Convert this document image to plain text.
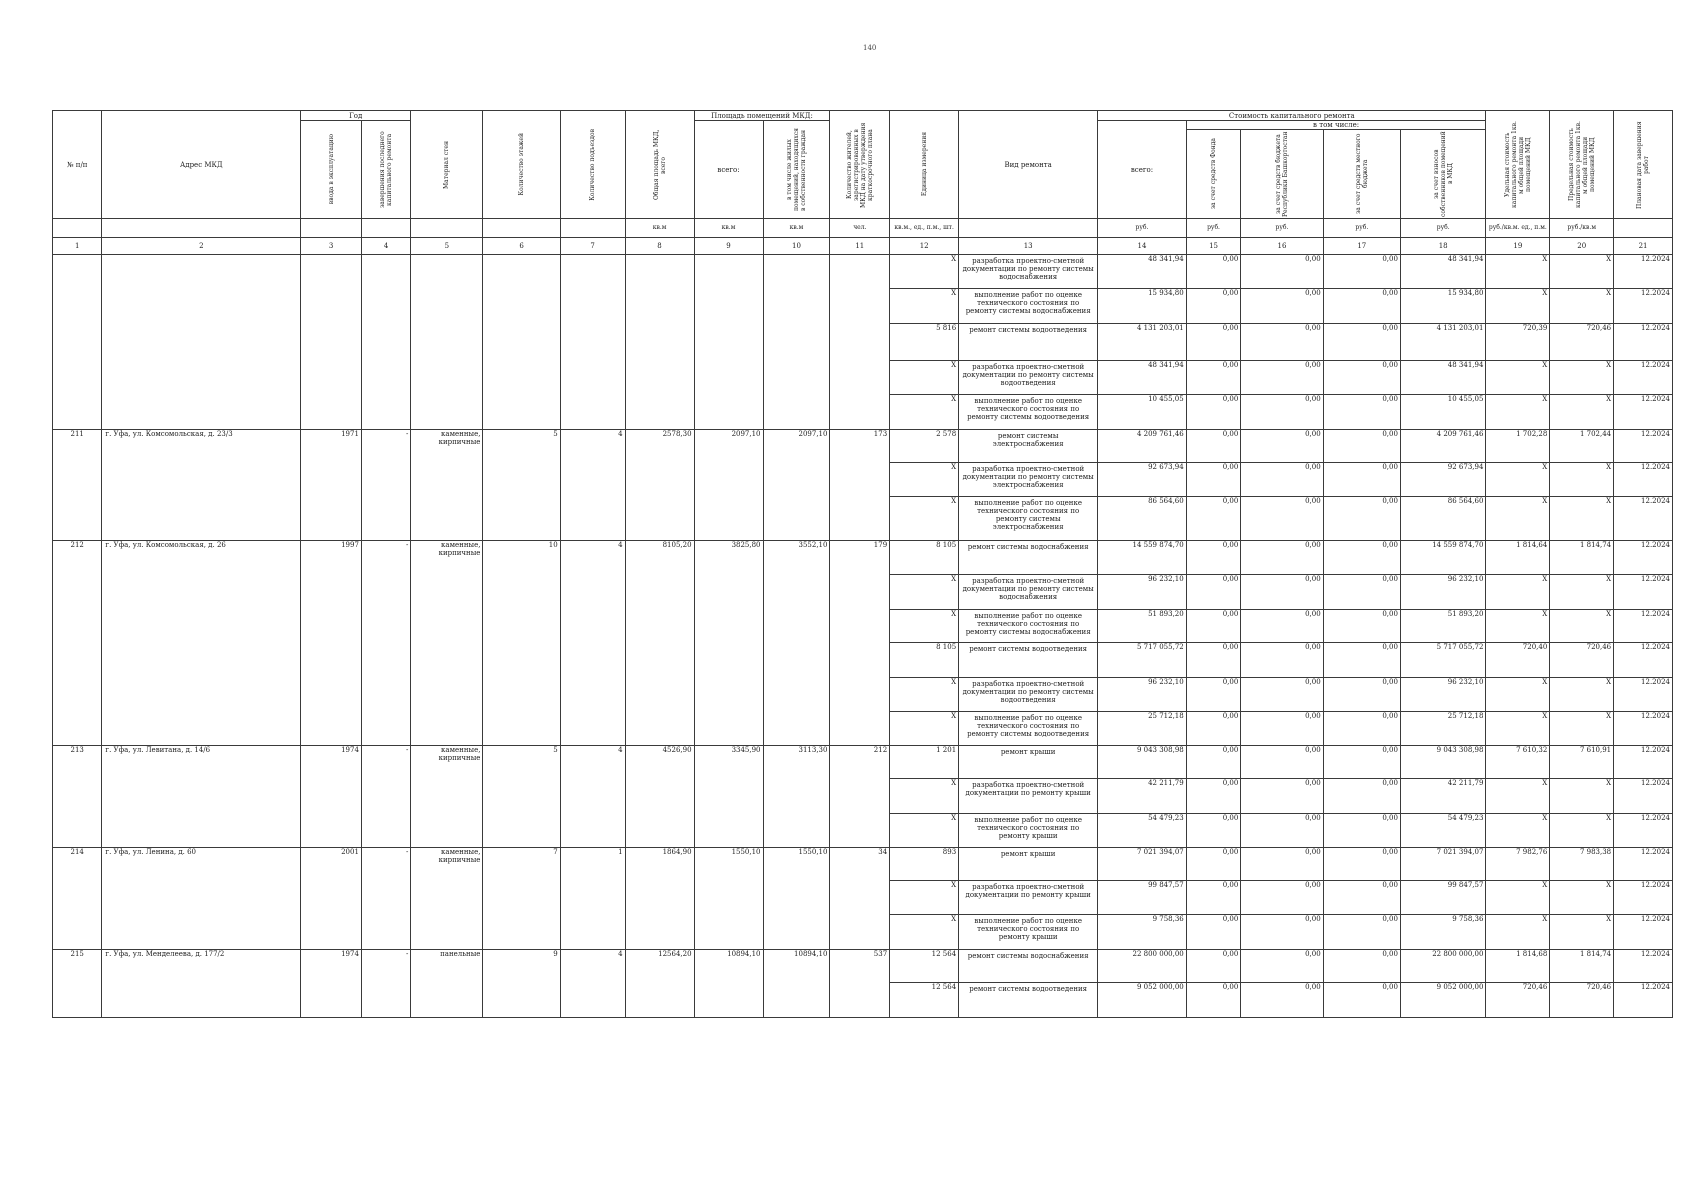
140
№ п/п	Адрес МКД	Год		Материал стен	Количество этажей	Количество подъездов	Общая площадь МКД, всего	Площадь помещений МКД:		Количество жителей, зарегистрированных в МКД на дату утверждения краткосрочного плана	Единица измерения	Вид ремонта	Стоимость капитального ремонта					Удельная стоимость капитального ремонта 1кв. м общей площади помещений МКД	Предельная стоимость капитального ремонта 1кв. м общей площади помещений МКД	Плановая дата завершения работ

		ввода в эксплуатацию	завершения последнего капитального ремонта					всего:	в том числе жилых помещений, находящихся в собственности граждан				всего:	в том числе:						

														за счет средств Фонда	за счет средств бюджета Республики Башкортостан	за счет средств местного бюджета	за счет взносов собственников помещений в МКД			

							кв.м	кв.м	кв.м	чел.	кв.м., ед., п.м., шт.		руб.	руб.	руб.	руб.	руб.	руб./кв.м. ед., п.м.	руб./кв.м	
1	2	3	4	5	6	7	8	9	10	11	12	13	14	15	16	17	18	19	20	21
											X	разработка проектно-сметной документации по ремонту системы водоснабжения	48 341,94	0,00	0,00	0,00	48 341,94	X	X	12.2024
											X	выполнение работ по оценке технического состояния по ремонту системы водоснабжения	15 934,80	0,00	0,00	0,00	15 934,80	X	X	12.2024
											5 816	ремонт системы водоотведения	4 131 203,01	0,00	0,00	0,00	4 131 203,01	720,39	720,46	12.2024
											X	разработка проектно-сметной документации по ремонту системы водоотведения	48 341,94	0,00	0,00	0,00	48 341,94	X	X	12.2024
											X	выполнение работ по оценке технического состояния по ремонту системы водоотведения	10 455,05	0,00	0,00	0,00	10 455,05	X	X	12.2024
211	г. Уфа, ул. Комсомольская, д. 23/3	1971	-	каменные, кирпичные	5	4	2578,30	2097,10	2097,10	173	2 578	ремонт системы электроснабжения	4 209 761,46	0,00	0,00	0,00	4 209 761,46	1 702,28	1 702,44	12.2024
											X	разработка проектно-сметной документации по ремонту системы электроснабжения	92 673,94	0,00	0,00	0,00	92 673,94	X	X	12.2024
											X	выполнение работ по оценке технического состояния по ремонту системы электроснабжения	86 564,60	0,00	0,00	0,00	86 564,60	X	X	12.2024
212	г. Уфа, ул. Комсомольская, д. 26	1997	-	каменные, кирпичные	10	4	8105,20	3825,80	3552,10	179	8 105	ремонт системы водоснабжения	14 559 874,70	0,00	0,00	0,00	14 559 874,70	1 814,64	1 814,74	12.2024
											X	разработка проектно-сметной документации по ремонту системы водоснабжения	96 232,10	0,00	0,00	0,00	96 232,10	X	X	12.2024
											X	выполнение работ по оценке технического состояния по ремонту системы водоснабжения	51 893,20	0,00	0,00	0,00	51 893,20	X	X	12.2024
											8 105	ремонт системы водоотведения	5 717 055,72	0,00	0,00	0,00	5 717 055,72	720,40	720,46	12.2024
											X	разработка проектно-сметной документации по ремонту системы водоотведения	96 232,10	0,00	0,00	0,00	96 232,10	X	X	12.2024
											X	выполнение работ по оценке технического состояния по ремонту системы водоотведения	25 712,18	0,00	0,00	0,00	25 712,18	X	X	12.2024
213	г. Уфа, ул. Левитана, д. 14/6	1974	-	каменные, кирпичные	5	4	4526,90	3345,90	3113,30	212	1 201	ремонт крыши	9 043 308,98	0,00	0,00	0,00	9 043 308,98	7 610,32	7 610,91	12.2024
											X	разработка проектно-сметной документации по ремонту крыши	42 211,79	0,00	0,00	0,00	42 211,79	X	X	12.2024
											X	выполнение работ по оценке технического состояния по ремонту крыши	54 479,23	0,00	0,00	0,00	54 479,23	X	X	12.2024
214	г. Уфа, ул. Ленина, д. 60	2001	-	каменные, кирпичные	7	1	1864,90	1550,10	1550,10	34	893	ремонт крыши	7 021 394,07	0,00	0,00	0,00	7 021 394,07	7 982,76	7 983,38	12.2024
											X	разработка проектно-сметной документации по ремонту крыши	99 847,57	0,00	0,00	0,00	99 847,57	X	X	12.2024
											X	выполнение работ по оценке технического состояния по ремонту крыши	9 758,36	0,00	0,00	0,00	9 758,36	X	X	12.2024
215	г. Уфа, ул. Менделеева, д. 177/2	1974	-	панельные	9	4	12564,20	10894,10	10894,10	537	12 564	ремонт системы водоснабжения	22 800 000,00	0,00	0,00	0,00	22 800 000,00	1 814,68	1 814,74	12.2024
											12 564	ремонт системы водоотведения	9 052 000,00	0,00	0,00	0,00	9 052 000,00	720,46	720,46	12.2024
